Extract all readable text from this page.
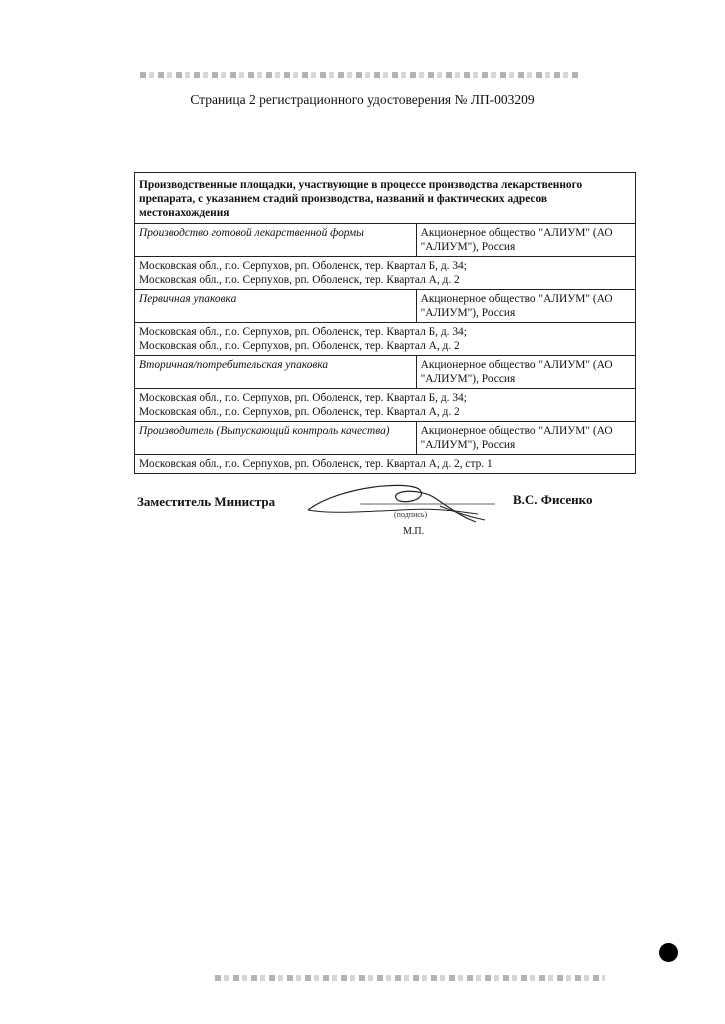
Страница 2 регистрационного удостоверения № ЛП-003209
Производственные площадки, участвующие в процессе производства лекарственного препарата, с указанием стадий производства, названий и фактических адресов местонахождения	
Производство готовой лекарственной формы	Акционерное общество "АЛИУМ" (АО "АЛИУМ"), Россия

Московская обл., г.о. Серпухов, рп. Оболенск, тер. Квартал Б, д. 34;
Московская обл., г.о. Серпухов, рп. Оболенск, тер. Квартал А, д. 2	

Первичная упаковка	Акционерное общество "АЛИУМ" (АО "АЛИУМ"), Россия

Московская обл., г.о. Серпухов, рп. Оболенск, тер. Квартал Б, д. 34;
Московская обл., г.о. Серпухов, рп. Оболенск, тер. Квартал А, д. 2	

Вторичная/потребительская упаковка	Акционерное общество "АЛИУМ" (АО "АЛИУМ"), Россия

Московская обл., г.о. Серпухов, рп. Оболенск, тер. Квартал Б, д. 34;
Московская обл., г.о. Серпухов, рп. Оболенск, тер. Квартал А, д. 2	

Производитель (Выпускающий контроль качества)	Акционерное общество "АЛИУМ" (АО "АЛИУМ"), Россия

Московская обл., г.о. Серпухов, рп. Оболенск, тер. Квартал А, д. 2, стр. 1	
Заместитель Министра
(подпись)
М.П.
В.С. Фисенко
